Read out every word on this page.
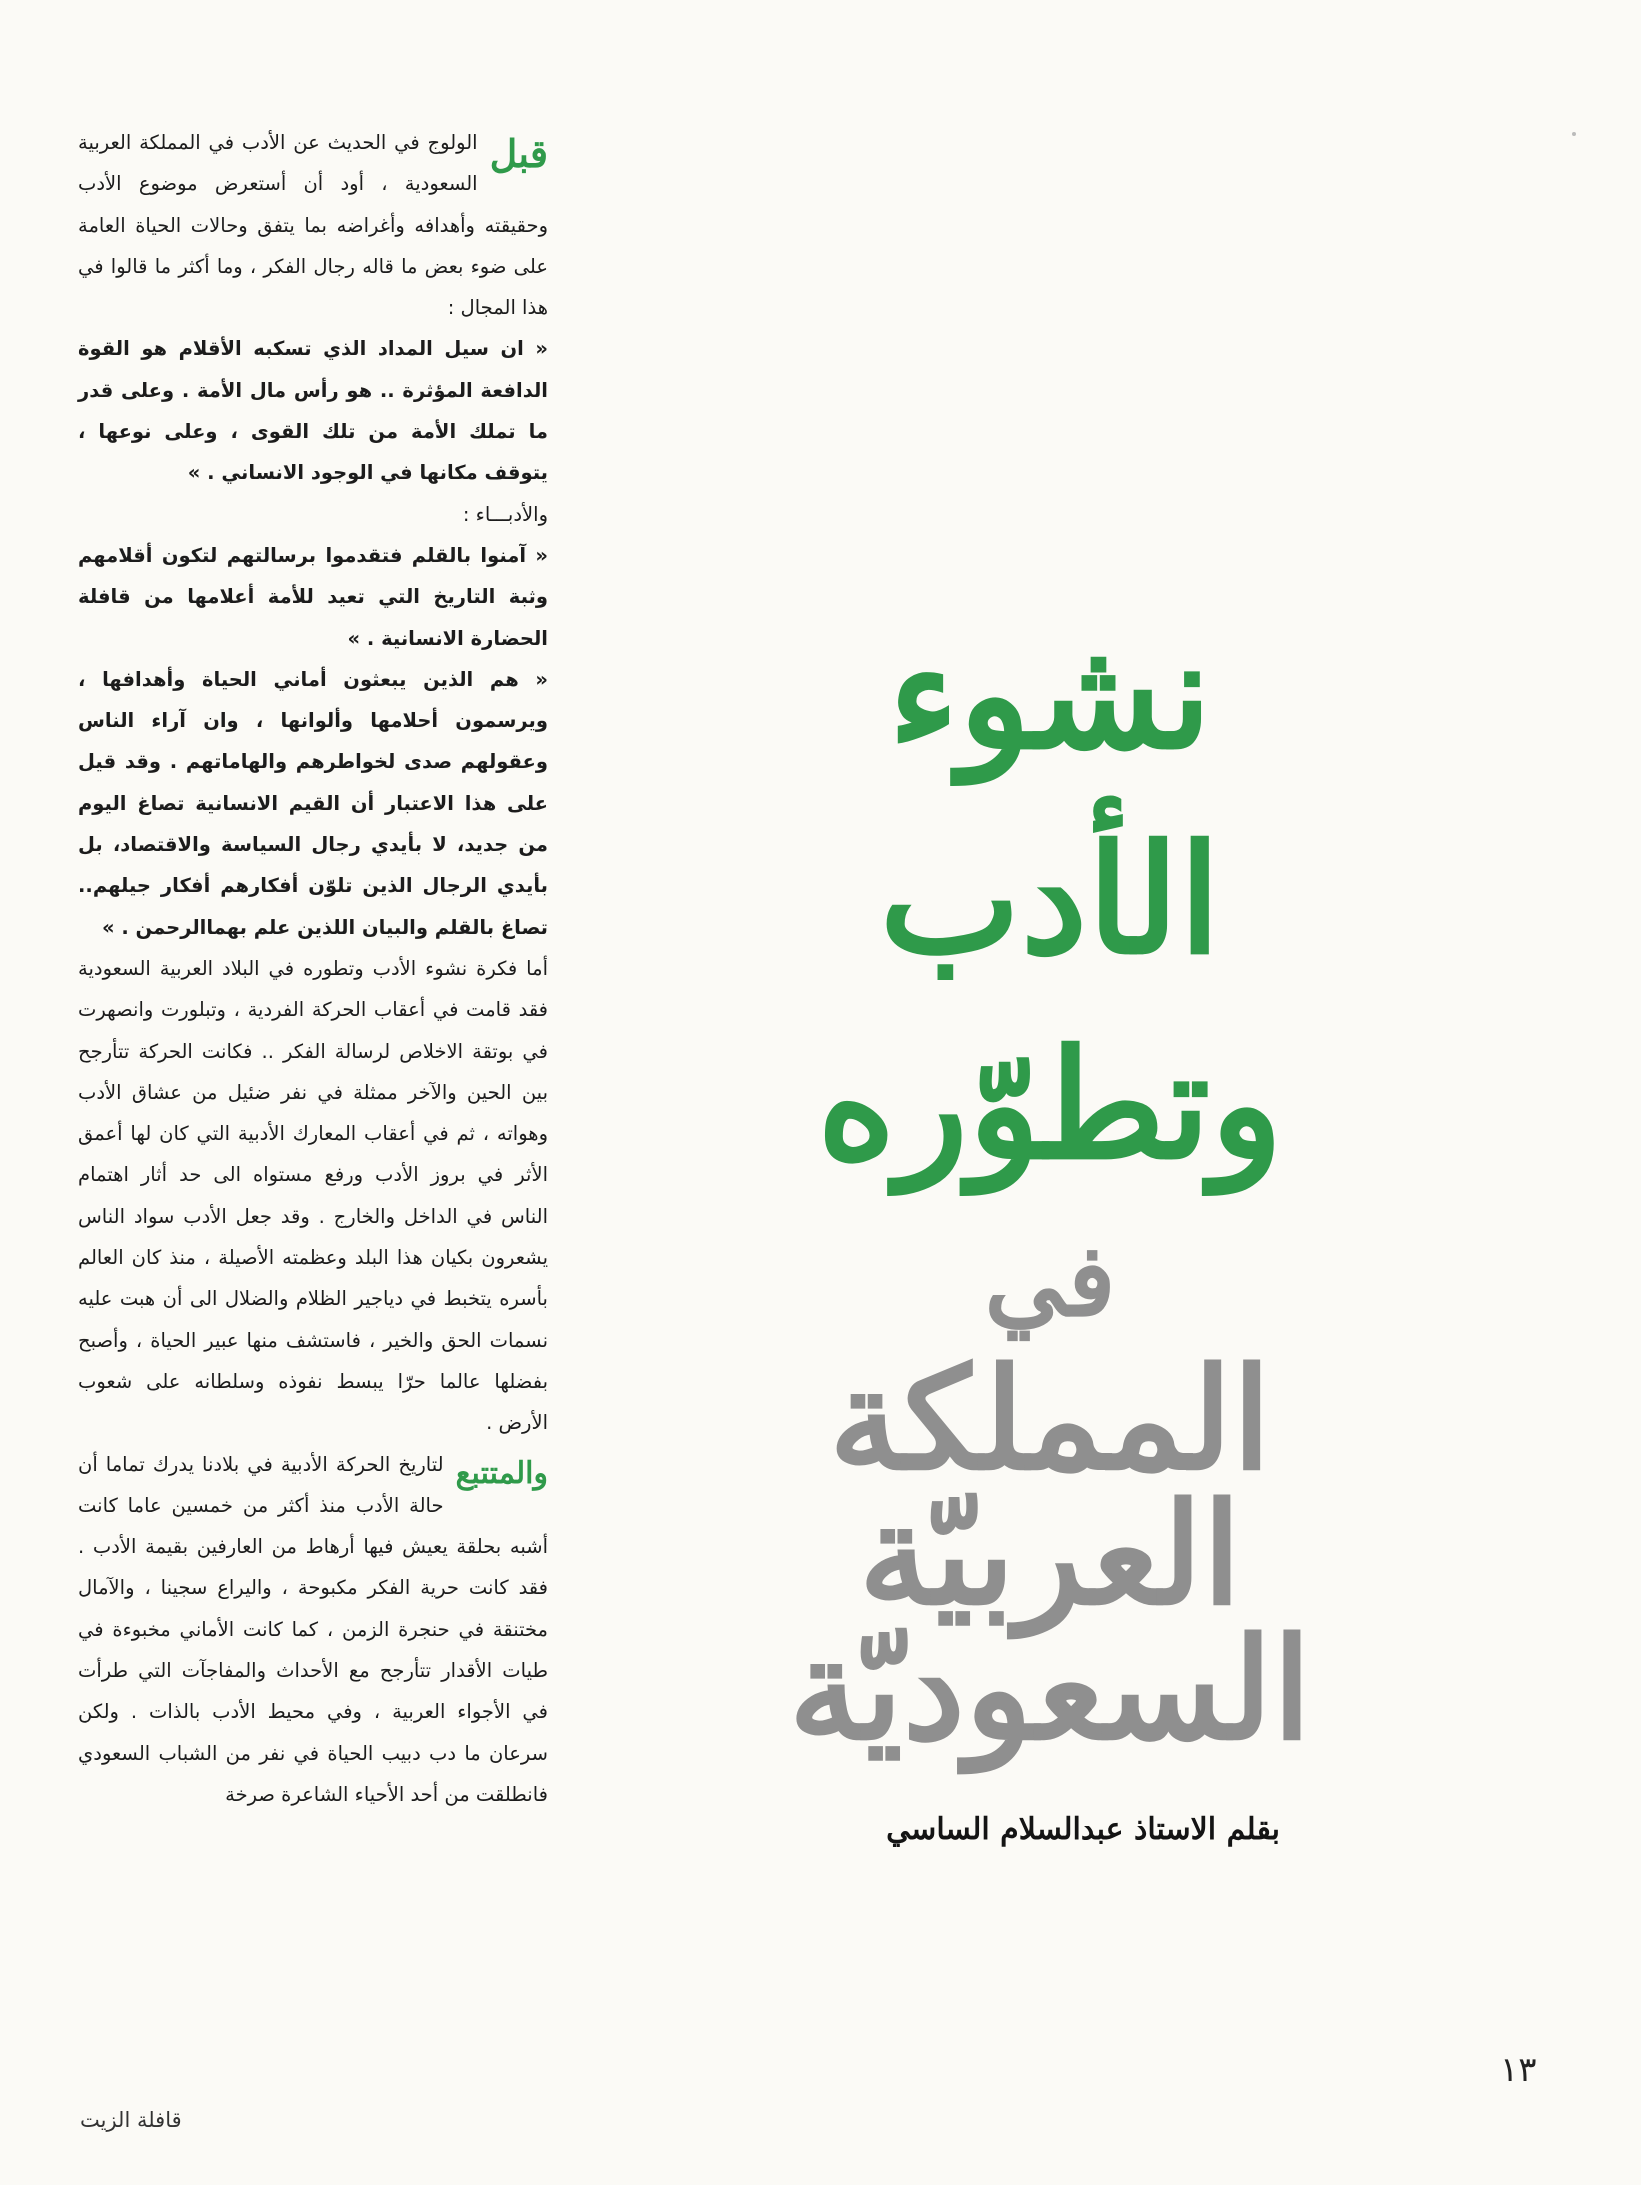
قبل

الولوج في الحديث عن الأدب في المملكة العربية السعودية ، أود أن أستعرض موضوع الأدب وحقيقته وأهدافه وأغراضه بما يتفق وحالات الحياة العامة على ضوء بعض ما قاله رجال الفكر ، وما أكثر ما قالوا في هذا المجال :

« ان سيل المداد الذي تسكبه الأقلام هو القوة الدافعة المؤثرة .. هو رأس مال الأمة . وعلى قدر ما تملك الأمة من تلك القوى ، وعلى نوعها ، يتوقف مكانها في الوجود الانساني . »

والأدبـــاء :

« آمنوا بالقلم فتقدموا برسالتهم لتكون أقلامهم وثبة التاريخ التي تعيد للأمة أعلامها من قافلة الحضارة الانسانية . »

« هم الذين يبعثون أماني الحياة وأهدافها ، ويرسمون أحلامها وألوانها ، وان آراء الناس وعقولهم صدى لخواطرهم والهاماتهم . وقد قيل على هذا الاعتبار أن القيم الانسانية تصاغ اليوم من جديد، لا بأيدي رجال السياسة والاقتصاد، بل بأيدي الرجال الذين تلوّن أفكارهم أفكار جيلهم.. تصاغ بالقلم والبيان اللذين علم بهماالرحمن . »

أما فكرة نشوء الأدب وتطوره في البلاد العربية السعودية فقد قامت في أعقاب الحركة الفردية ، وتبلورت وانصهرت في بوتقة الاخلاص لرسالة الفكر .. فكانت الحركة تتأرجح بين الحين والآخر ممثلة في نفر ضئيل من عشاق الأدب وهواته ، ثم في أعقاب المعارك الأدبية التي كان لها أعمق الأثر في بروز الأدب ورفع مستواه الى حد أثار اهتمام الناس في الداخل والخارج . وقد جعل الأدب سواد الناس يشعرون بكيان هذا البلد وعظمته الأصيلة ، منذ كان العالم بأسره يتخبط في دياجير الظلام والضلال الى أن هبت عليه نسمات الحق والخير ، فاستشف منها عبير الحياة ، وأصبح بفضلها عالما حرّا يبسط نفوذه وسلطانه على شعوب الأرض .

والمتتبع

لتاريخ الحركة الأدبية في بلادنا يدرك تماما أن حالة الأدب منذ أكثر من خمسين عاما كانت أشبه بحلقة يعيش فيها أرهاط من العارفين بقيمة الأدب . فقد كانت حرية الفكر مكبوحة ، واليراع سجينا ، والآمال مختنقة في حنجرة الزمن ، كما كانت الأماني مخبوءة في طيات الأقدار تتأرجح مع الأحداث والمفاجآت التي طرأت في الأجواء العربية ، وفي محيط الأدب بالذات . ولكن سرعان ما دب دبيب الحياة في نفر من الشباب السعودي فانطلقت من أحد الأحياء الشاعرة صرخة

نشوء
الأدب
وتطوّره
في
المملكة
العربيّة
السعوديّة
بقلم الاستاذ عبدالسلام الساسي
١٣
قافلة الزيت
